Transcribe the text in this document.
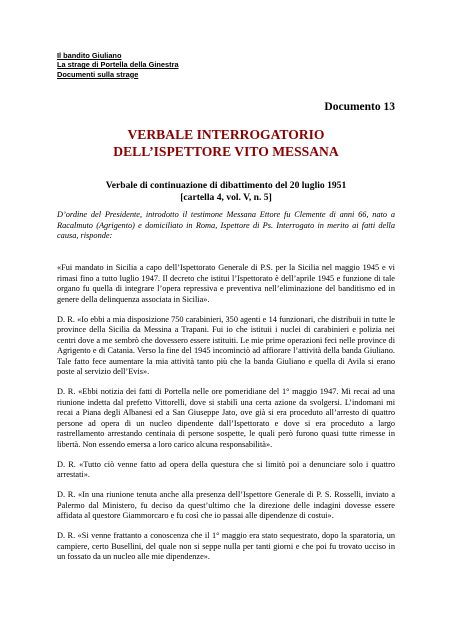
Il bandito Giuliano
La strage di Portella della Ginestra
Documenti sulla strage
Documento 13
VERBALE INTERROGATORIO
DELL’ISPETTORE VITO MESSANA
Verbale di continuazione di dibattimento del 20 luglio 1951
[cartella 4, vol. V, n. 5]
D’ordine del Presidente, introdotto il testimone Messana Ettore fu Clemente di anni 66, nato a Racalmuto (Agrigento) e domiciliato in Roma, Ispettore di Ps. Interrogato in merito ai fatti della causa, risponde:

«Fui mandato in Sicilia a capo dell’Ispettorato Generale di P.S. per la Sicilia nel maggio 1945 e vi rimasi fino a tutto luglio 1947. Il decreto che istitui l’Ispettorato è dell’aprile 1945 e funzione di tale organo fu quella di integrare l’opera repressiva e preventiva nell’eliminazione del banditismo ed in genere della delinquenza associata in Sicilia».

D. R. «Io ebbi a mia disposizione 750 carabinieri, 350 agenti e 14 funzionari, che distribuii in tutte le province della Sicilia da Messina a Trapani. Fui io che istituii i nuclei di carabinieri e polizia nei centri dove a me sembrò che dovessero essere istituiti. Le mie prime operazioni feci nelle province di Agrigento e di Catania. Verso la fine del 1945 incominciò ad affiorare l’attività della banda Giuliano. Tale fatto fece aumentare la mia attività tanto più che la banda Giuliano e quella di Avila si erano poste al servizio dell’Evis».

D. R. «Ebbi notizia dei fatti di Portella nelle ore pomeridiane del 1° maggio 1947. Mi recai ad una riunione indetta dal prefetto Vittorelli, dove si stabilì una certa azione da svolgersi. L’indomani mi recai a Piana degli Albanesi ed a San Giuseppe Jato, ove già si era proceduto all’arresto di quattro persone ad opera di un nucleo dipendente dall’Ispettorato e dove si era proceduto a largo rastrellamento arrestando centinaia di persone sospette, le quali però furono quasi tutte rimesse in libertà. Non essendo emersa a loro carico alcuna responsabilità».

D. R. «Tutto ciò venne fatto ad opera della questura che si limitò poi a denunciare solo i quattro arrestati».

D. R. «In una riunione tenuta anche alla presenza dell’Ispettore Generale di P. S. Rosselli, inviato a Palermo dal Ministero, fu deciso da quest’ultimo che la direzione delle indagini dovesse essere affidata al questore Giammorcaro e fu così che io passai alle dipendenze di costui».

D. R. «Si venne frattanto a conoscenza che il 1° maggio era stato sequestrato, dopo la sparatoria, un campiere, certo Busellini, del quale non si seppe nulla per tanti giorni e che poi fu trovato ucciso in un fossato da un nucleo alle mie dipendenze».
